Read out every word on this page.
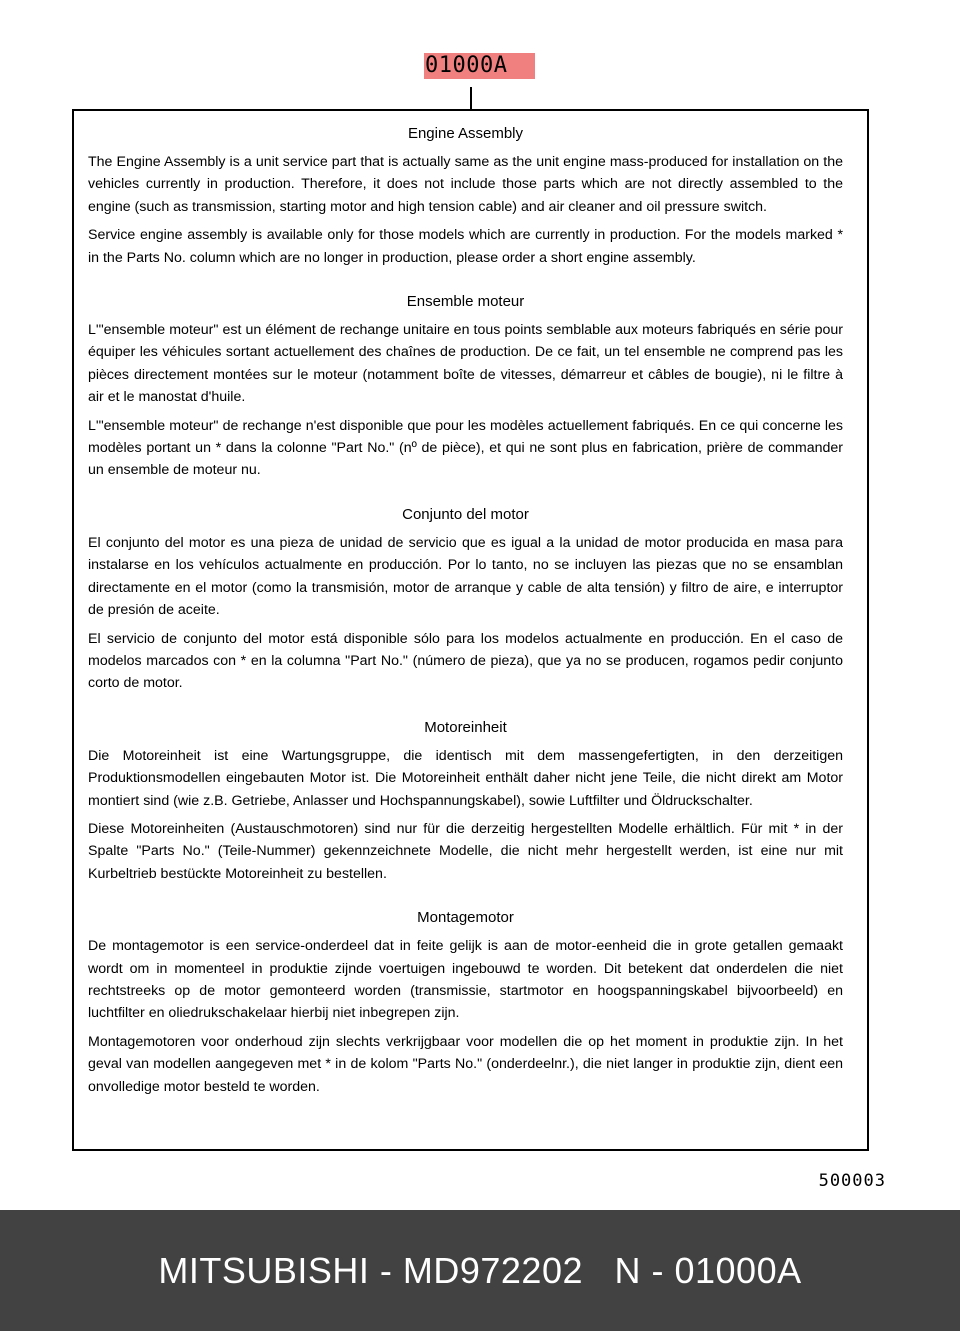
01000A
Engine Assembly

The Engine Assembly is a unit service part that is actually same as the unit engine mass-produced for installation on the vehicles currently in production. Therefore, it does not include those parts which are not directly assembled to the engine (such as transmission, starting motor and high tension cable) and air cleaner and oil pressure switch.

Service engine assembly is available only for those models which are currently in production. For the models marked * in the Parts No. column which are no longer in production, please order a short engine assembly.

Ensemble moteur

L'"ensemble moteur" est un élément de rechange unitaire en tous points semblable aux moteurs fabriqués en série pour équiper les véhicules sortant actuellement des chaînes de production. De ce fait, un tel ensemble ne comprend pas les pièces directement montées sur le moteur (notamment boîte de vitesses, démarreur et câbles de bougie), ni le filtre à air et le manostat d'huile.

L'"ensemble moteur" de rechange n'est disponible que pour les modèles actuellement fabriqués. En ce qui concerne les modèles portant un * dans la colonne "Part No." (nº de pièce), et qui ne sont plus en fabrication, prière de commander un ensemble de moteur nu.

Conjunto del motor

El conjunto del motor es una pieza de unidad de servicio que es igual a la unidad de motor producida en masa para instalarse en los vehículos actualmente en producción. Por lo tanto, no se incluyen las piezas que no se ensamblan directamente en el motor (como la transmisión, motor de arranque y cable de alta tensión) y filtro de aire, e interruptor de presión de aceite.

El servicio de conjunto del motor está disponible sólo para los modelos actualmente en producción. En el caso de modelos marcados con * en la columna "Part No." (número de pieza), que ya no se producen, rogamos pedir conjunto corto de motor.

Motoreinheit

Die Motoreinheit ist eine Wartungsgruppe, die identisch mit dem massengefertigten, in den derzeitigen Produktionsmodellen eingebauten Motor ist. Die Motoreinheit enthält daher nicht jene Teile, die nicht direkt am Motor montiert sind (wie z.B. Getriebe, Anlasser und Hochspannungskabel), sowie Luftfilter und Öldruckschalter.

Diese Motoreinheiten (Austauschmotoren) sind nur für die derzeitig hergestellten Modelle erhältlich. Für mit * in der Spalte "Parts No." (Teile-Nummer) gekennzeichnete Modelle, die nicht mehr hergestellt werden, ist eine nur mit Kurbeltrieb bestückte Motoreinheit zu bestellen.

Montagemotor

De montagemotor is een service-onderdeel dat in feite gelijk is aan de motor-eenheid die in grote getallen gemaakt wordt om in momenteel in produktie zijnde voertuigen ingebouwd te worden. Dit betekent dat onderdelen die niet rechtstreeks op de motor gemonteerd worden (transmissie, startmotor en hoogspanningskabel bijvoorbeeld) en luchtfilter en oliedrukschakelaar hierbij niet inbegrepen zijn.

Montagemotoren voor onderhoud zijn slechts verkrijgbaar voor modellen die op het moment in produktie zijn. In het geval van modellen aangegeven met * in de kolom "Parts No." (onderdeelnr.), die niet langer in produktie zijn, dient een onvolledige motor besteld te worden.

500003
MITSUBISHI - MD972202   N - 01000A
